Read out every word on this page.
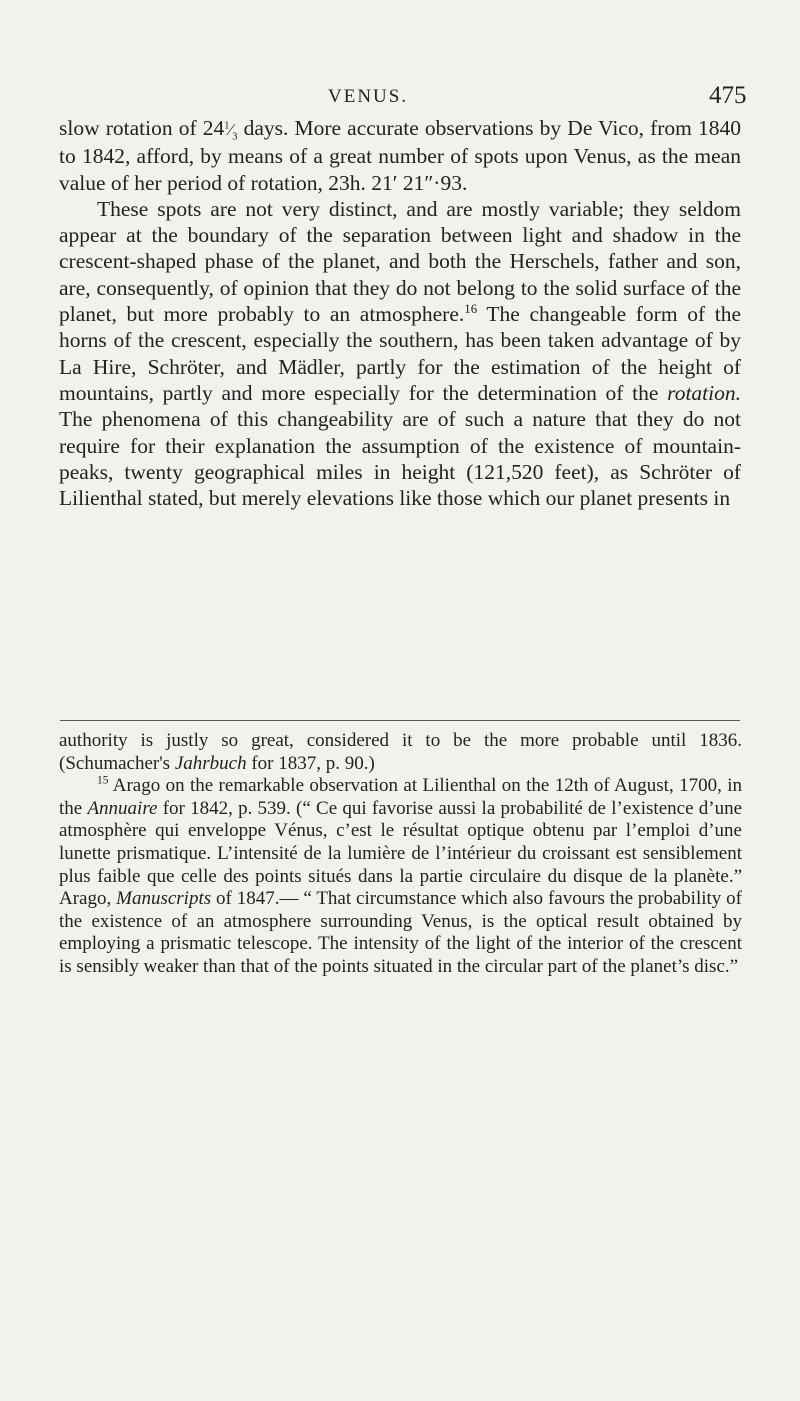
VENUS.	475

slow rotation of $24^1⁄_3$ days. More accurate observations by De Vico, from 1840 to 1842, afford, by means of a great number of spots upon Venus, as the mean value of her period of rotation, 23h. 21′ 21″·93.

These spots are not very distinct, and are mostly variable; they seldom appear at the boundary of the separation between light and shadow in the crescent-shaped phase of the planet, and both the Herschels, father and son, are, consequently, of opinion that they do not belong to the solid surface of the planet, but more probably to an atmosphere.$^{16}$ The changeable form of the horns of the crescent, especially the southern, has been taken advantage of by La Hire, Schröter, and Mädler, partly for the estimation of the height of mountains, partly and more especially for the determination of the rotation. The phenomena of this changeability are of such a nature that they do not require for their explanation the assumption of the existence of mountain-peaks, twenty geographical miles in height (121,520 feet), as Schröter of Lilienthal stated, but merely elevations like those which our planet presents in

authority is justly so great, considered it to be the more probable until 1836. (Schumacher's Jahrbuch for 1837, p. 90.)

$^{15}$ Arago on the remarkable observation at Lilienthal on the 12th of August, 1700, in the Annuaire for 1842, p. 539. (“ Ce qui favorise aussi la probabilité de l’existence d’une atmosphère qui enveloppe Vénus, c’est le résultat optique obtenu par l’emploi d’une lunette prismatique. L’intensité de la lumière de l’intérieur du croissant est sensiblement plus faible que celle des points situés dans la partie circulaire du disque de la planète.” Arago, Manuscripts of 1847.— “ That circumstance which also favours the probability of the existence of an atmosphere surrounding Venus, is the optical result obtained by employing a prismatic telescope. The intensity of the light of the interior of the crescent is sensibly weaker than that of the points situated in the circular part of the planet’s disc.”
